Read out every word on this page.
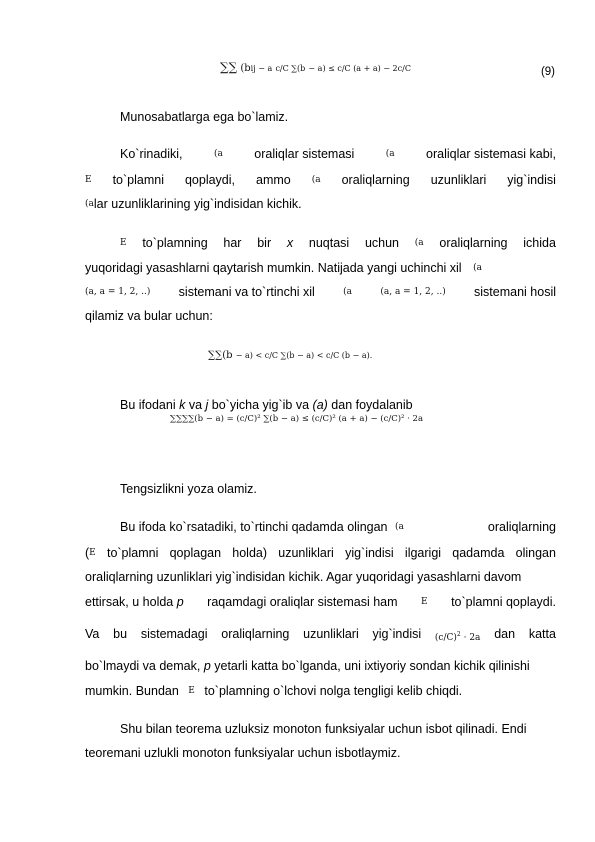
∑∑ (bij − a c/C ∑(b − a) ≤ c/C (a + a) − 2c/C	(9)
Munosabatlarga ega bo`lamiz.
Ko`rinadiki,	(a	oraliqlar sistemasi	(a	oraliqlar sistemasi kabi,
E to`plamni qoplaydi, ammo (a oraliqlarning uzunliklari yig`indisi
(alar uzunliklarining yig`indisidan kichik.
E to`plamning har bir x nuqtasi uchun (a oraliqlarning ichida
yuqoridagi yasashlarni qaytarish mumkin. Natijada yangi uchinchi xil (a
(a, a = 1, 2, ..) sistemani va to`rtinchi xil	(a	(a, a = 1, 2, ..) sistemani hosil
qilamiz va bular uchun:
∑∑(b − a) < c/C ∑(b − a) < c/C (b − a).
Bu ifodani k va j bo`yicha yig`ib va (a) dan foydalanib
∑∑∑∑(b − a) = (c/C)² ∑(b − a) ≤ (c/C)² (a + a) − (c/C)² · 2a
Tengsizlikni yoza olamiz.
Bu ifoda ko`rsatadiki, to`rtinchi qadamda olingan (a	oraliqlarning
(E to`plamni qoplagan holda) uzunliklari yig`indisi ilgarigi qadamda olingan
oraliqlarning uzunliklari yig`indisidan kichik. Agar yuqoridagi yasashlarni davom
ettirsak, u holda p raqamdagi oraliqlar sistemasi ham	E to`plamni qoplaydi.
Va bu sistemadagi oraliqlarning uzunliklari yig`indisi $(c/C)^2 \cdot 2a$ dan katta
bo`lmaydi va demak, p yetarli katta bo`lganda, uni ixtiyoriy sondan kichik qilinishi
mumkin. Bundan E to`plamning o`lchovi nolga tengligi kelib chiqdi.
Shu bilan teorema uzluksiz monoton funksiyalar uchun isbot qilinadi. Endi
teoremani uzlukli monoton funksiyalar uchun isbotlaymiz.
